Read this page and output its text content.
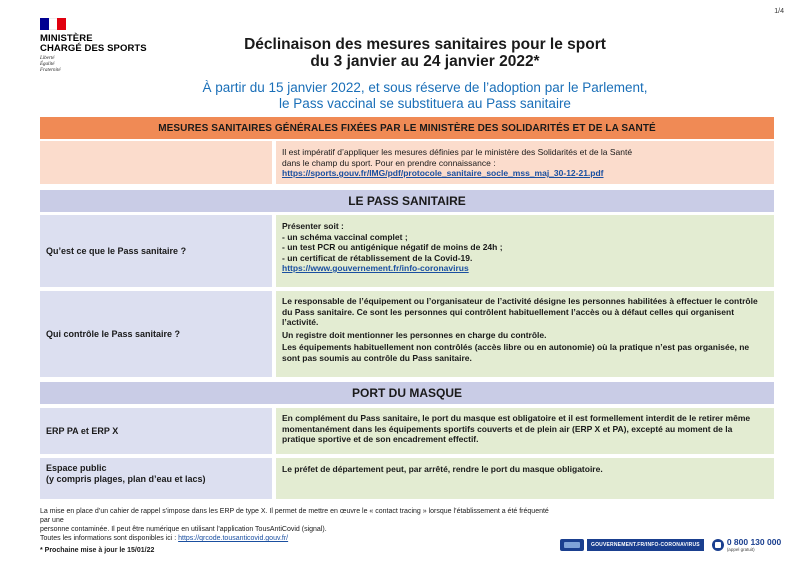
1/4
MINISTÈRE
CHARGÉ DES SPORTS
Liberté
Égalité
Fraternité
Déclinaison des mesures sanitaires pour le sport
du 3 janvier au 24 janvier 2022*
À partir du 15 janvier 2022, et sous réserve de l’adoption par le Parlement,
le Pass vaccinal se substituera au Pass sanitaire
MESURES SANITAIRES GÉNÉRALES FIXÉES PAR LE MINISTÈRE DES SOLIDARITÉS ET DE LA SANTÉ
Il est impératif d’appliquer les mesures définies par le ministère des Solidarités et de la Santé
dans le champ du sport. Pour en prendre connaissance :
https://sports.gouv.fr/IMG/pdf/protocole_sanitaire_socle_mss_maj_30-12-21.pdf
LE PASS SANITAIRE
Qu’est ce que le Pass sanitaire ?
Présenter soit :
- un schéma vaccinal complet ;
- un test PCR ou antigénique négatif de moins de 24h ;
- un certificat de rétablissement de la Covid-19.
https://www.gouvernement.fr/info-coronavirus
Qui contrôle le Pass sanitaire ?

Le responsable de l’équipement ou l’organisateur de l’activité désigne les personnes habilitées à effectuer le contrôle du Pass sanitaire. Ce sont les personnes qui contrôlent habituellement l’accès ou à défaut celles qui organisent l’activité.

Un registre doit mentionner les personnes en charge du contrôle.

Les équipements habituellement non contrôlés (accès libre ou en autonomie) où la pratique n’est pas organisée, ne sont pas soumis au contrôle du Pass sanitaire.

PORT DU MASQUE
ERP PA et ERP X
En complément du Pass sanitaire, le port du masque est obligatoire et il est formellement interdit de le retirer même momentanément dans les équipements sportifs couverts et de plein air (ERP X et PA), excepté au moment de la pratique sportive et de son encadrement effectif.
Espace public
(y compris plages, plan d’eau et lacs)
Le préfet de département peut, par arrêté, rendre le port du masque obligatoire.
La mise en place d’un cahier de rappel s’impose dans les ERP de type X. Il permet de mettre en œuvre le « contact tracing » lorsque l’établissement a été fréquenté par une
personne contaminée. Il peut être numérique en utilisant l’application TousAntiCovid (signal).
Toutes les informations sont disponibles ici : https://qrcode.tousanticovid.gouv.fr/
* Prochaine mise à jour le 15/01/22
GOUVERNEMENT.FR/INFO-CORONAVIRUS	0 800 130 000
(appel gratuit)
